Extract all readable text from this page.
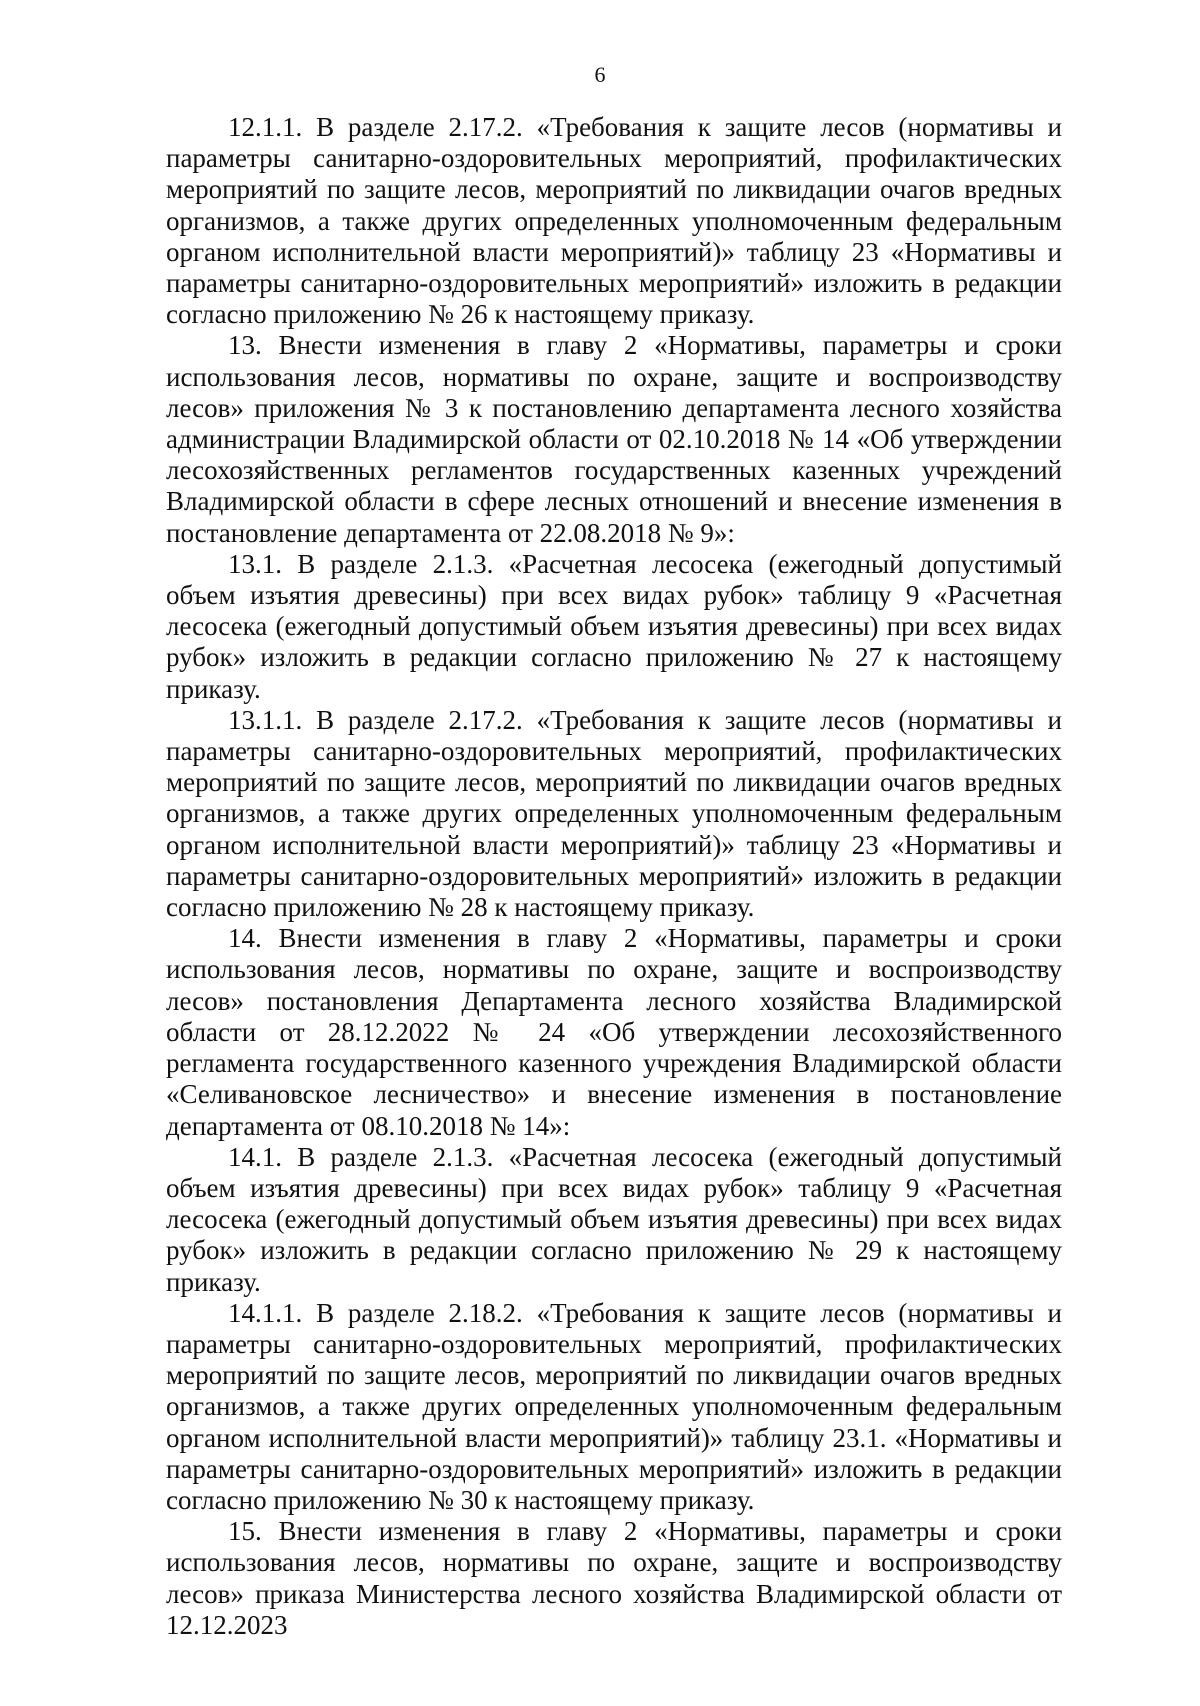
6

12.1.1. В разделе 2.17.2. «Требования к защите лесов (нормативы и параметры санитарно-оздоровительных мероприятий, профилактических мероприятий по защите лесов, мероприятий по ликвидации очагов вредных организмов, а также других определенных уполномоченным федеральным органом исполнительной власти мероприятий)» таблицу 23 «Нормативы и параметры санитарно-оздоровительных мероприятий» изложить в редакции согласно приложению № 26 к настоящему приказу.

13. Внести изменения в главу 2 «Нормативы, параметры и сроки использования лесов, нормативы по охране, защите и воспроизводству лесов» приложения № 3 к постановлению департамента лесного хозяйства администрации Владимирской области от 02.10.2018 № 14 «Об утверждении лесохозяйственных регламентов государственных казенных учреждений Владимирской области в сфере лесных отношений и внесение изменения в постановление департамента от 22.08.2018 № 9»:

13.1. В разделе 2.1.3. «Расчетная лесосека (ежегодный допустимый объем изъятия древесины) при всех видах рубок» таблицу 9 «Расчетная лесосека (ежегодный допустимый объем изъятия древесины) при всех видах рубок» изложить в редакции согласно приложению № 27 к настоящему приказу.

13.1.1. В разделе 2.17.2. «Требования к защите лесов (нормативы и параметры санитарно-оздоровительных мероприятий, профилактических мероприятий по защите лесов, мероприятий по ликвидации очагов вредных организмов, а также других определенных уполномоченным федеральным органом исполнительной власти мероприятий)» таблицу 23 «Нормативы и параметры санитарно-оздоровительных мероприятий» изложить в редакции согласно приложению № 28 к настоящему приказу.

14. Внести изменения в главу 2 «Нормативы, параметры и сроки использования лесов, нормативы по охране, защите и воспроизводству лесов» постановления Департамента лесного хозяйства Владимирской области от 28.12.2022 № 24 «Об утверждении лесохозяйственного регламента государственного казенного учреждения Владимирской области «Селивановское лесничество» и внесение изменения в постановление департамента от 08.10.2018 № 14»:

14.1. В разделе 2.1.3. «Расчетная лесосека (ежегодный допустимый объем изъятия древесины) при всех видах рубок» таблицу 9 «Расчетная лесосека (ежегодный допустимый объем изъятия древесины) при всех видах рубок» изложить в редакции согласно приложению № 29 к настоящему приказу.

14.1.1. В разделе 2.18.2. «Требования к защите лесов (нормативы и параметры санитарно-оздоровительных мероприятий, профилактических мероприятий по защите лесов, мероприятий по ликвидации очагов вредных организмов, а также других определенных уполномоченным федеральным органом исполнительной власти мероприятий)» таблицу 23.1. «Нормативы и параметры санитарно-оздоровительных мероприятий» изложить в редакции согласно приложению № 30 к настоящему приказу.

15. Внести изменения в главу 2 «Нормативы, параметры и сроки использования лесов, нормативы по охране, защите и воспроизводству лесов» приказа Министерства лесного хозяйства Владимирской области от 12.12.2023
